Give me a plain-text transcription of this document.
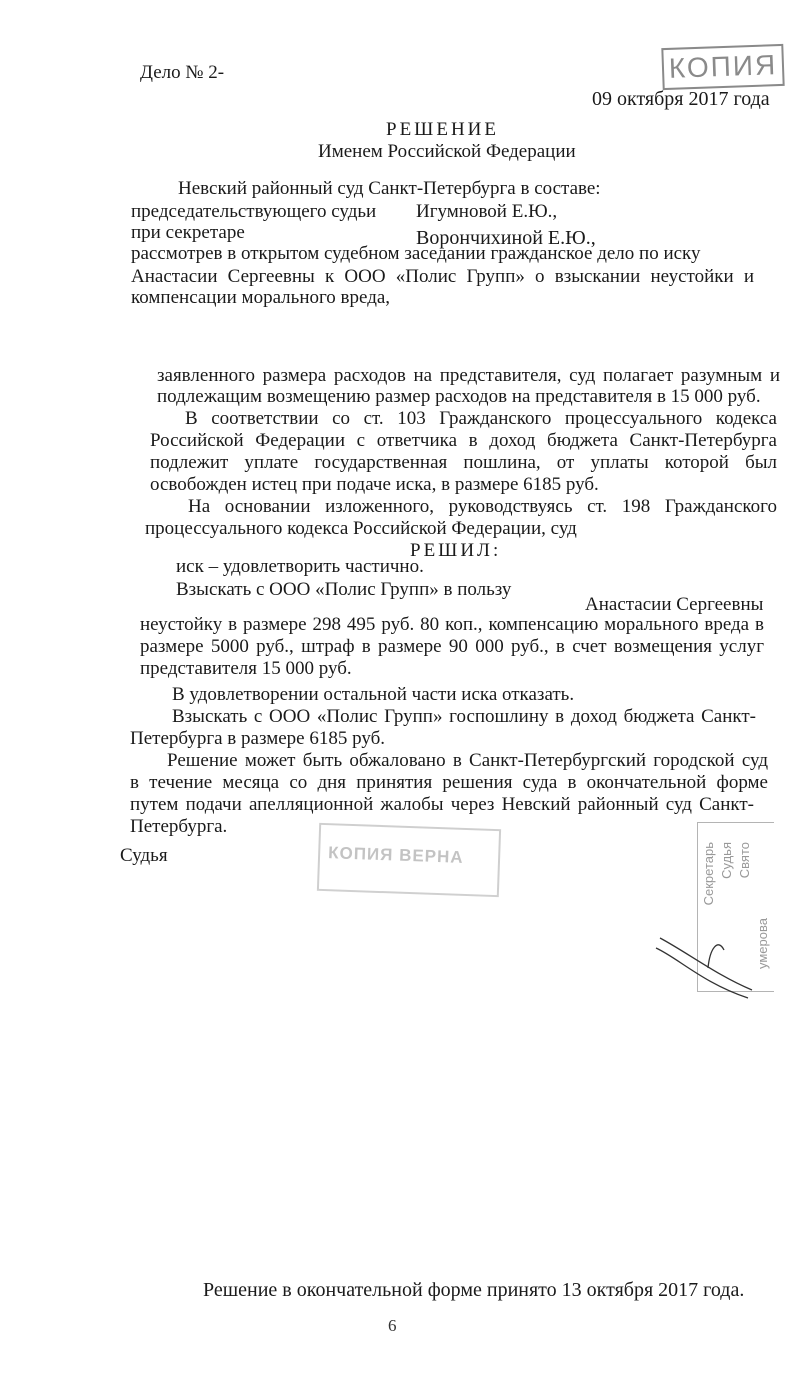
Дело № 2-
09 октября 2017 года
КОПИЯ
РЕШЕНИЕ
Именем Российской Федерации
Невский районный суд Санкт-Петербурга в составе:
председательствующего судьи Игумновой Е.Ю.,
при секретаре	Ворончихиной Е.Ю.,
рассмотрев в открытом судебном заседании гражданское дело по иску
Анастасии Сергеевны к ООО «Полис Групп» о взыскании неустойки и
компенсации морального вреда,
заявленного размера расходов на представителя, суд полагает разумным и
подлежащим возмещению размер расходов на представителя в 15 000 руб.
В соответствии со ст. 103 Гражданского процессуального кодекса
Российской Федерации с ответчика в доход бюджета Санкт-Петербурга
подлежит уплате государственная пошлина, от уплаты которой был
освобожден истец при подаче иска, в размере 6185 руб.
На основании изложенного, руководствуясь ст. 198 Гражданского
процессуального кодекса Российской Федерации, суд
РЕШИЛ:
иск – удовлетворить частично.
Взыскать с ООО «Полис Групп» в пользу
Анастасии Сергеевны
неустойку в размере 298 495 руб. 80 коп., компенсацию морального вреда в
размере 5000 руб., штраф в размере 90 000 руб., в счет возмещения услуг
представителя 15 000 руб.
В удовлетворении остальной части иска отказать.
Взыскать с ООО «Полис Групп» госпошлину в доход бюджета Санкт-
Петербурга в размере 6185 руб.
Решение может быть обжаловано в Санкт-Петербургский городской суд
в течение месяца со дня принятия решения суда в окончательной форме
путем подачи апелляционной жалобы через Невский районный суд Санкт-
Петербурга.
Судья	КОПИЯ ВЕРНА	Секретарь Судья Свято
умерова
Решение в окончательной форме принято 13 октября 2017 года.
6
